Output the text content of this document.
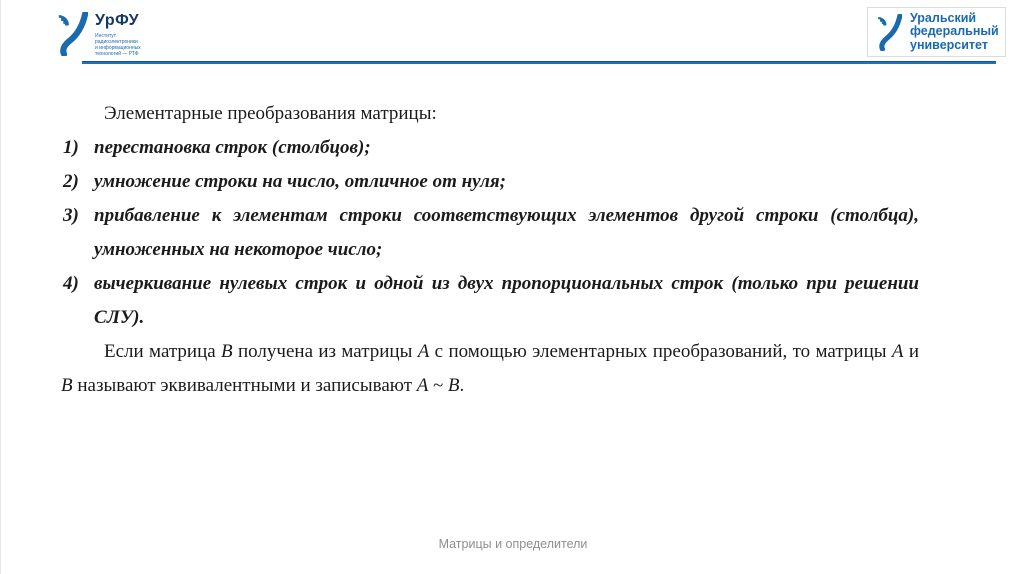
УрФУ
Институт
радиоэлектроники
и информационных
технологий — РТФ
Уральский
федеральный
университет
Элементарные преобразования матрицы:
1) перестановка строк (столбцов);
2) умножение строки на число, отличное от нуля;
3) прибавление к элементам строки соответствующих элементов другой строки (столбца), умноженных на некоторое число;
4) вычеркивание нулевых строк и одной из двух пропорциональных строк (только при решении СЛУ).
Если матрица B получена из матрицы A с помощью элементарных преобразований, то матрицы A и B называют эквивалентными и записывают A ~ B.
Матрицы и определители
